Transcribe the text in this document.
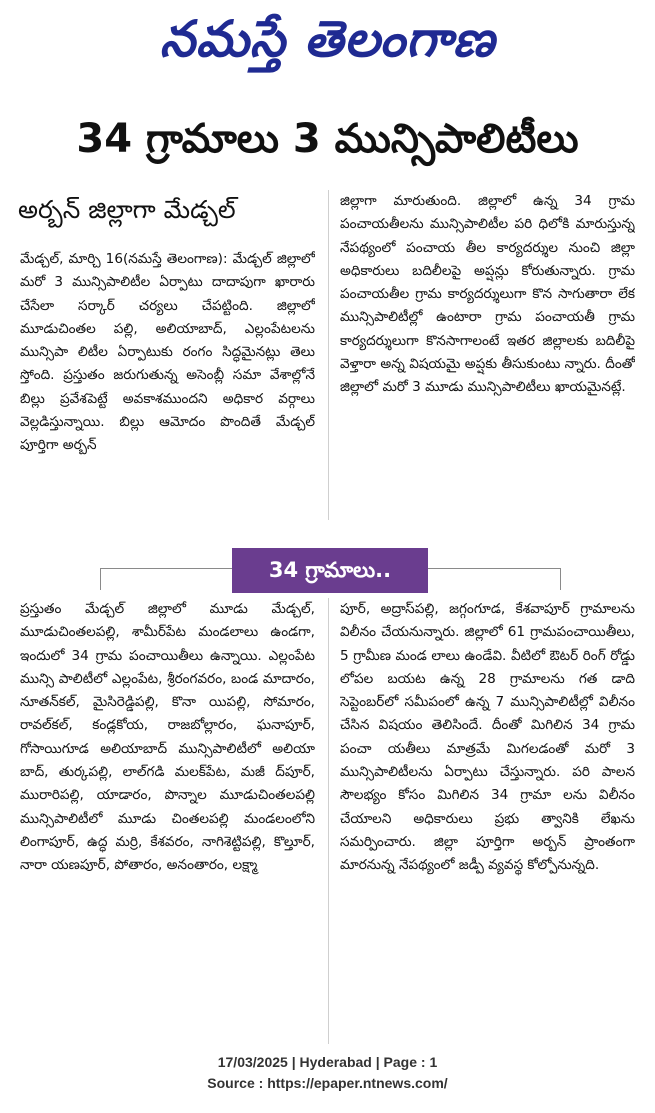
నమస్తే తెలంగాణ
34 గ్రామాలు 3 మున్సిపాలిటీలు
అర్బన్ జిల్లాగా మేడ్చల్
మేడ్చల్, మార్చి 16(నమస్తే తెలంగాణ): మేడ్చల్ జిల్లాలో మరో 3 మున్సిపాలిటీల ఏర్పాటు దాదాపుగా ఖారారు చేసేలా సర్కార్ చర్యలు చేపట్టింది. జిల్లాలో మూడుచింతల పల్లి, అలియాబాద్, ఎల్లంపేటలను మున్సిపా లిటీల ఏర్పాటుకు రంగం సిద్ధమైనట్లు తెలు స్తోంది. ప్రస్తుతం జరుగుతున్న అసెంబ్లీ సమా వేశాల్లోనే బిల్లు ప్రవేశపెట్టే అవకాశముందని అధికార వర్గాలు వెల్లడిస్తున్నాయి. బిల్లు ఆమోదం పొందితే మేడ్చల్ పూర్తిగా అర్బన్
జిల్లాగా మారుతుంది. జిల్లాలో ఉన్న 34 గ్రామ పంచాయతీలను మున్సిపాలిటీల పరి ధిలోకి మారుస్తున్న నేపథ్యంలో పంచాయ తీల కార్యదర్శుల నుంచి జిల్లా అధికారులు బదిలీలపై అప్షన్లు కోరుతున్నారు. గ్రామ పంచాయతీల గ్రామ కార్యదర్శులుగా కొన సాగుతారా లేక మున్సిపాలిటీల్లో ఉంటారా గ్రామ పంచాయతీ గ్రామ కార్యదర్శులుగా కొనసాగాలంటే ఇతర జిల్లాలకు బదిలీపై వెళ్తారా అన్న విషయమై అప్షకు తీసుకుంటు న్నారు. దీంతో జిల్లాలో మరో 3 మూడు మున్సిపాలిటీలు ఖాయమైనట్లే.
34 గ్రామాలు..
ప్రస్తుతం మేడ్చల్ జిల్లాలో మూడు మేడ్చల్, మూడుచింతలపల్లి, శామీర్‌పేట మండలాలు ఉండగా, ఇందులో 34 గ్రామ పంచాయితీలు ఉన్నాయి. ఎల్లంపేట మున్సి పాలిటీలో ఎల్లంపేట, శ్రీరంగవరం, బండ మాదారం, నూతన్‌కల్, మైసిరెడ్డిపల్లి, కొనా యిపల్లి, సోమారం, రావల్‌కల్, కండ్లకోయ, రాజబోల్లారం, ఘనాపూర్, గోసాయిగూడ అలియాబాద్ మున్సిపాలిటీలో అలియా బాద్, తుర్కపల్లి, లాల్‌గడి మలక్‌పేట, మజీ ద్‌పూర్, మురారిపల్లి, యాడారం, పొన్నాల మూడుచింతలపల్లి మున్సిపాలిటీలో మూడు చింతలపల్లి మండలంలోని లింగాపూర్, ఉద్ధ మర్రి, కేశవరం, నాగిశెట్టిపల్లి, కొల్తూర్, నారా యణపూర్, పోతారం, అనంతారం, లక్ష్మా
పూర్, అద్రాస్‌పల్లి, జగ్గంగూడ, కేశవాపూర్ గ్రామాలను విలీనం చేయనున్నారు. జిల్లాలో 61 గ్రామపంచాయితీలు, 5 గ్రామీణ మండ లాలు ఉండేవి. వీటిలో ఔటర్ రింగ్ రోడ్డు లోపల బయట ఉన్న 28 గ్రామాలను గత డాది సెప్టెంబర్‌లో సమీపంలో ఉన్న 7 మున్సిపాలిటీల్లో విలీనం చేసిన విషయం తెలిసిందే. దీంతో మిగిలిన 34 గ్రామ పంచా యతీలు మాత్రమే మిగలడంతో మరో 3 మున్సిపాలిటీలను ఏర్పాటు చేస్తున్నారు. పరి పాలన సౌలభ్యం కోసం మిగిలిన 34 గ్రామా లను విలీనం చేయాలని అధికారులు ప్రభు త్వానికి లేఖను సమర్పించారు. జిల్లా పూర్తిగా అర్బన్ ప్రాంతంగా మారనున్న నేపథ్యంలో జడ్పీ వ్యవస్థ కోల్పోనున్నది.
17/03/2025 | Hyderabad | Page : 1
Source : https://epaper.ntnews.com/
